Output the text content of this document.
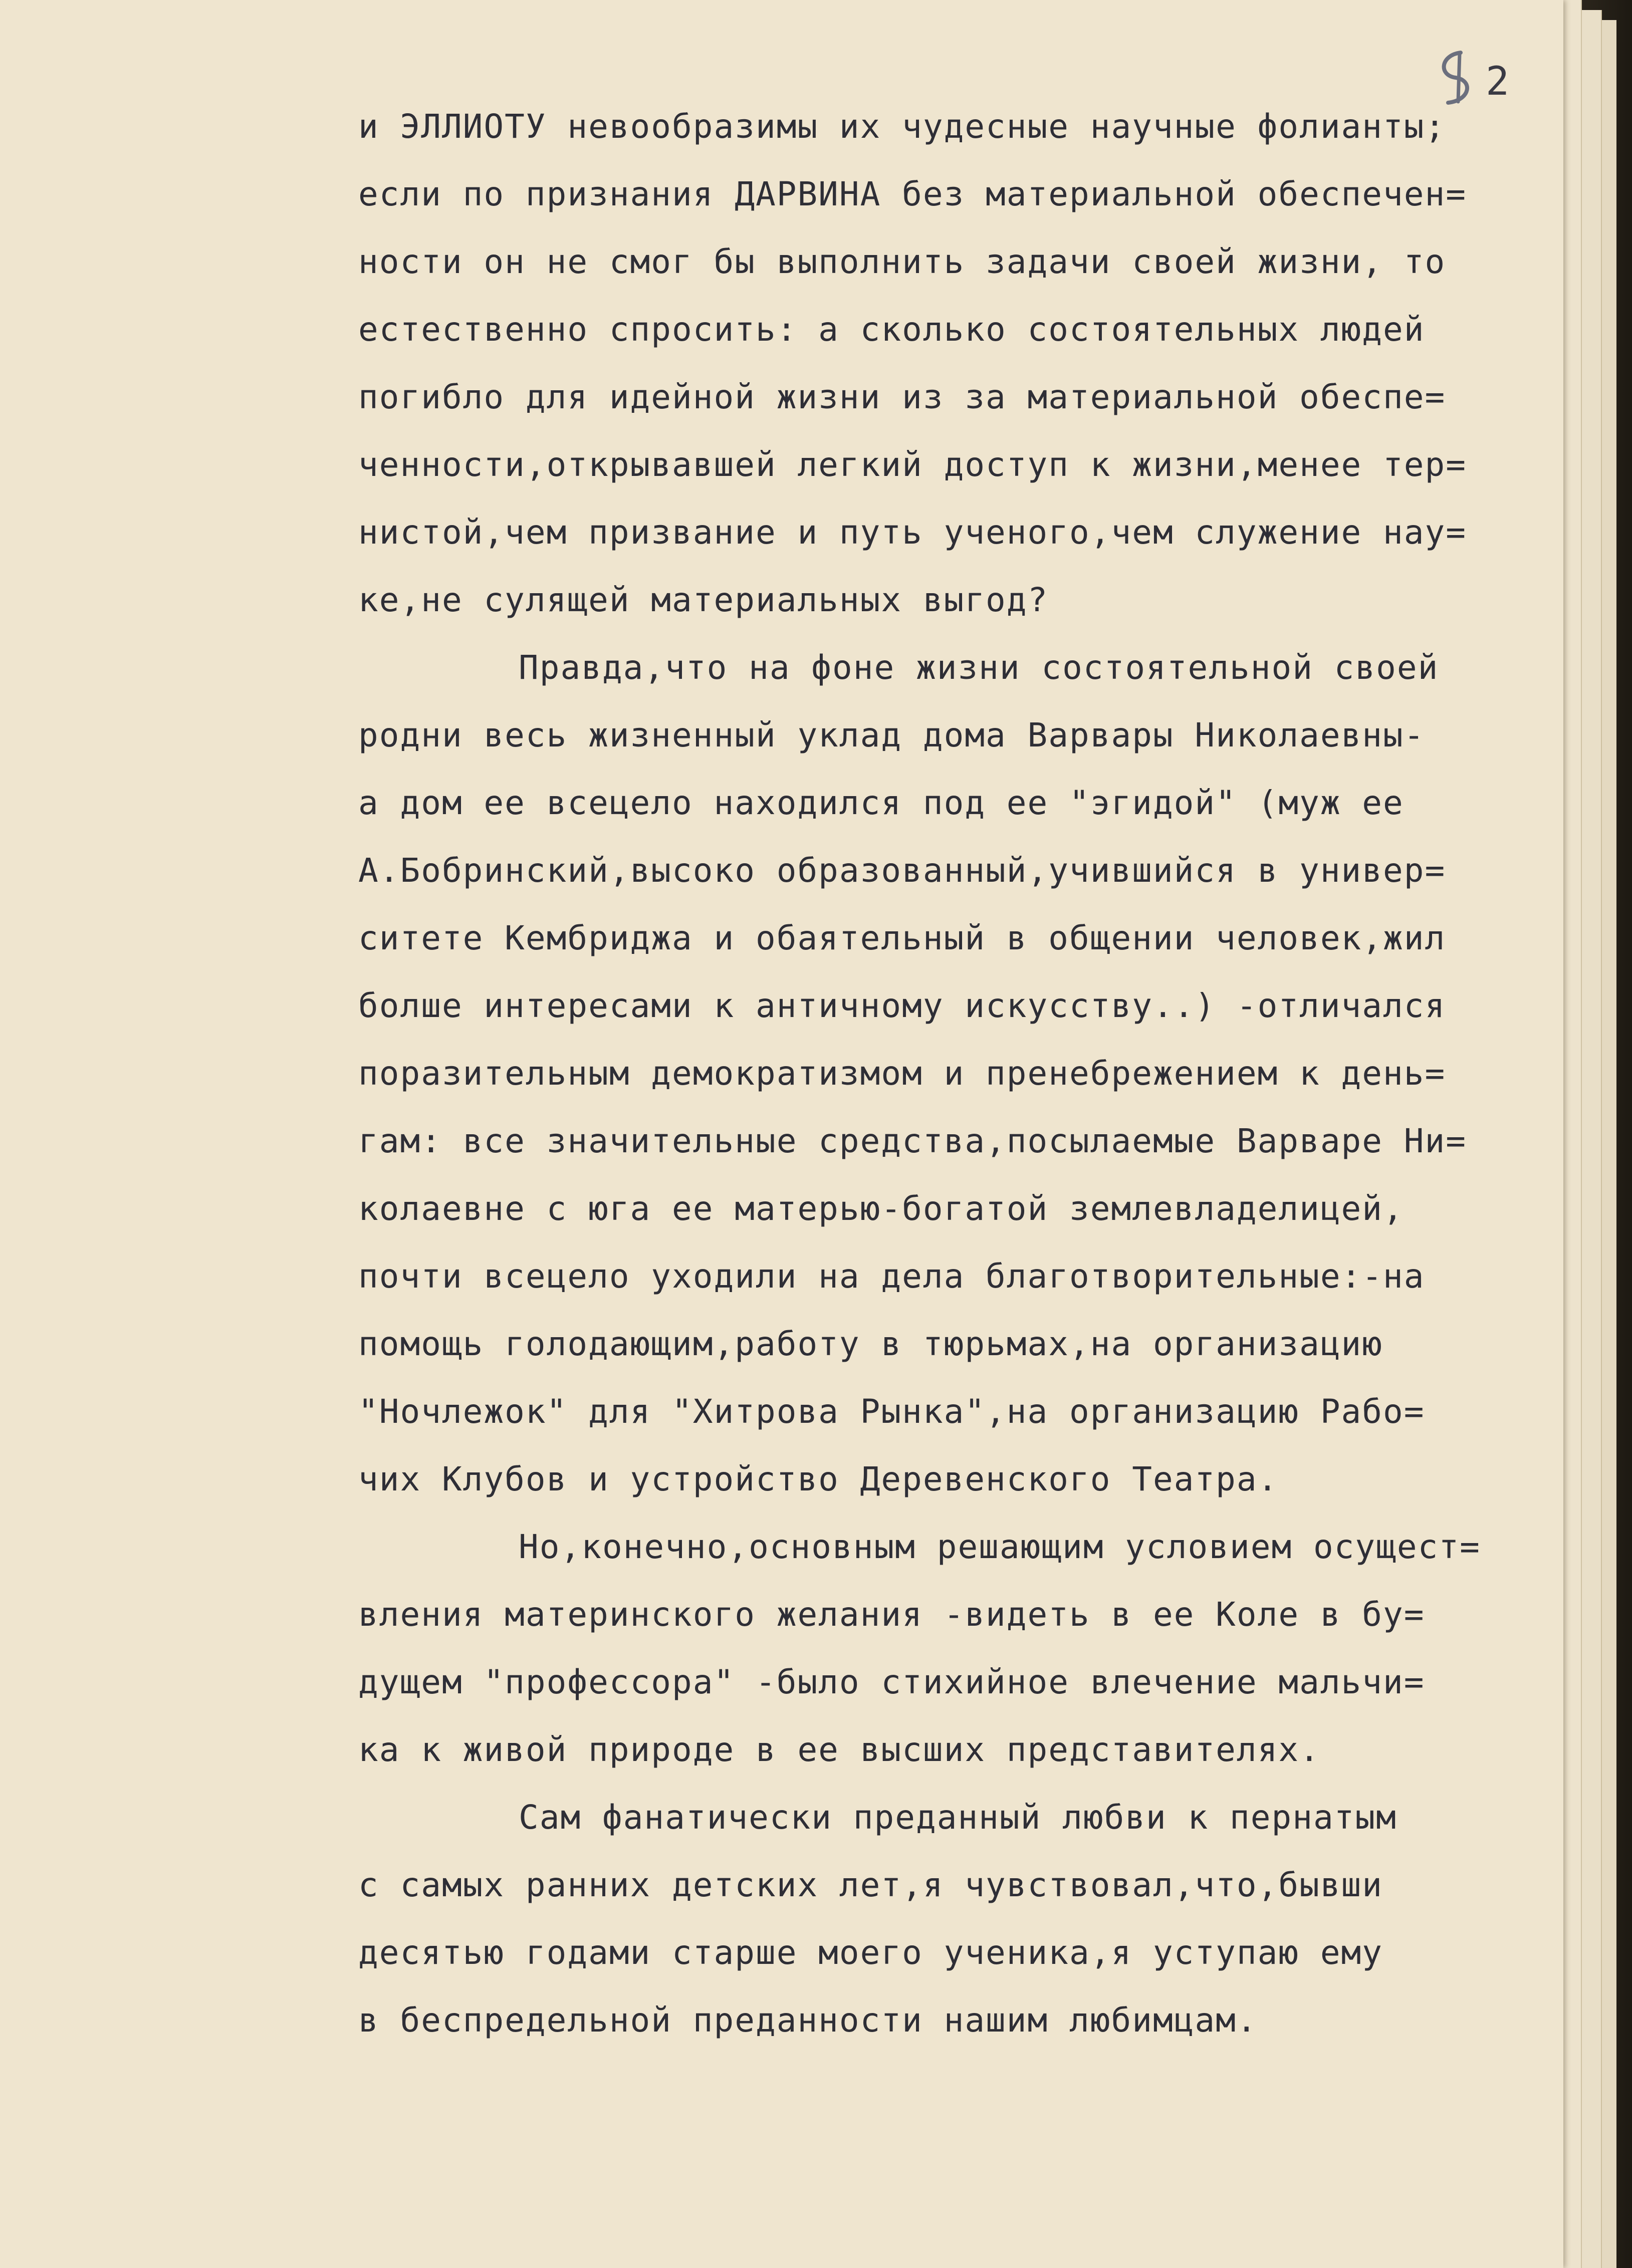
2

и ЭЛЛИОТУ невообразимы их чудесные научные фолианты;

если по признания ДАРВИНА без материальной обеспечен=

ности он не смог бы выполнить задачи своей жизни, то

естественно спросить: а сколько состоятельных людей

погибло для идейной жизни из за материальной обеспе=

ченности,открывавшей легкий доступ к жизни,менее тер=

нистой,чем призвание и путь ученого,чем служение нау=

ке,не сулящей материальных выгод?

Правда,что на фоне жизни состоятельной своей

родни весь жизненный уклад дома Варвары Николаевны-

а дом ее всецело находился под ее "эгидой" (муж ее

А.Бобринский,высоко образованный,учившийся в универ=

ситете Кембриджа и обаятельный в общении человек,жил

болше интересами к античному искусству..) -отличался

поразительным демократизмом и пренебрежением к день=

гам: все значительные средства,посылаемые Варваре Ни=

колаевне с юга ее матерью-богатой землевладелицей,

почти всецело уходили на дела благотворительные:-на

помощь голодающим,работу в тюрьмах,на организацию

"Ночлежок" для "Хитрова Рынка",на организацию Рабо=

чих Клубов и устройство Деревенского Театра.

Но,конечно,основным решающим условием осущест=

вления материнского желания -видеть в ее Коле в бу=

дущем "профессора" -было стихийное влечение мальчи=

ка к живой природе в ее высших представителях.

Сам фанатически преданный любви к пернатым

с самых ранних детских лет,я чувствовал,что,бывши

десятью годами старше моего ученика,я уступаю ему

в беспредельной преданности нашим любимцам.
